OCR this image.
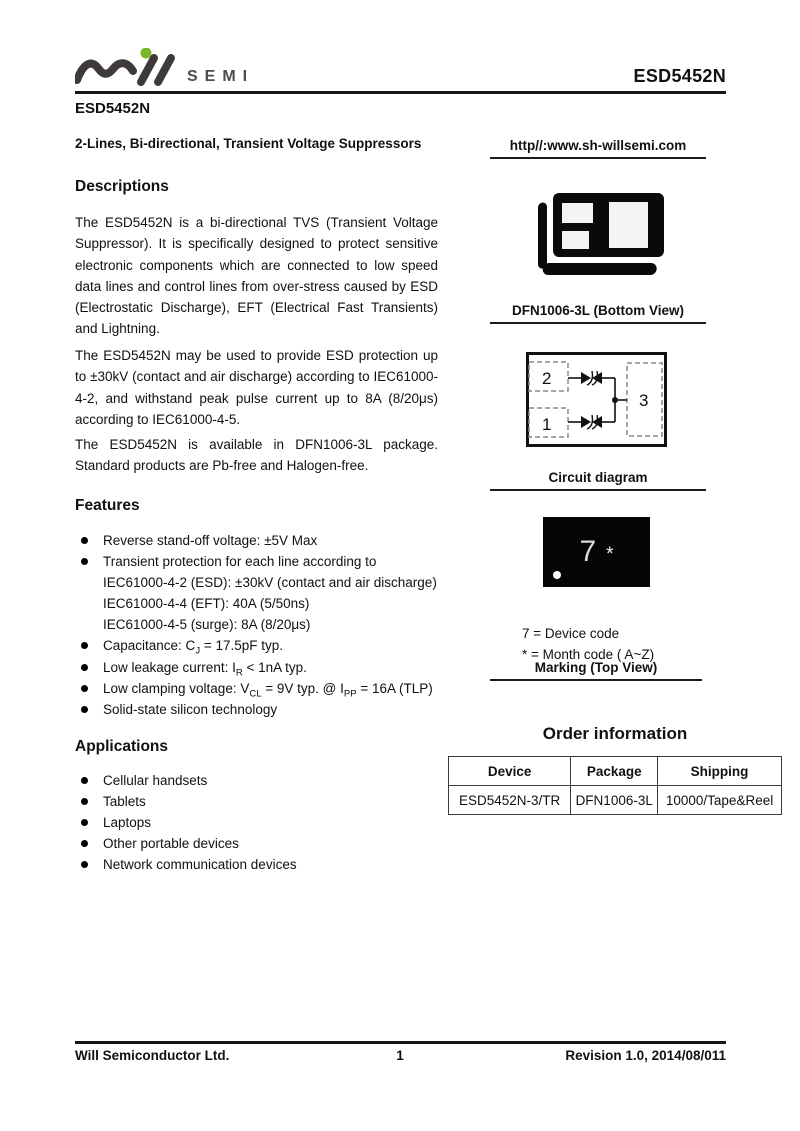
SEMI	ESD5452N
ESD5452N
2-Lines, Bi-directional, Transient Voltage Suppressors
Descriptions
The ESD5452N is a bi-directional TVS (Transient Voltage Suppressor). It is specifically designed to protect sensitive electronic components which are connected to low speed data lines and control lines from over-stress caused by ESD (Electrostatic Discharge), EFT (Electrical Fast Transients) and Lightning.
The ESD5452N may be used to provide ESD protection up to ±30kV (contact and air discharge) according to IEC61000-4-2, and withstand peak pulse current up to 8A (8/20μs) according to IEC61000-4-5.
The ESD5452N is available in DFN1006-3L package. Standard products are Pb-free and Halogen-free.
Features
Reverse stand-off voltage: ±5V Max
Transient protection for each line according to
IEC61000-4-2 (ESD): ±30kV (contact and air discharge)
IEC61000-4-4 (EFT): 40A (5/50ns)
IEC61000-4-5 (surge): 8A (8/20μs)
Capacitance: $C_J = 17.5pF$ typ.
Low leakage current: $I_R < 1nA$ typ.
Low clamping voltage: $V_{CL} = 9V$ typ. @ $I_{PP} = 16A$ (TLP)
Solid-state silicon technology
Applications
Cellular handsets
Tablets
Laptops
Other portable devices
Network communication devices
http//:www.sh-willsemi.com
DFN1006-3L (Bottom View)
2
1
3
Circuit diagram
7 *
7 = Device code
* = Month code ( A~Z)
Marking (Top View)
Order information
Device	Package	Shipping
ESD5452N-3/TR	DFN1006-3L	10000/Tape&Reel
Will Semiconductor Ltd.	1	Revision 1.0, 2014/08/011
